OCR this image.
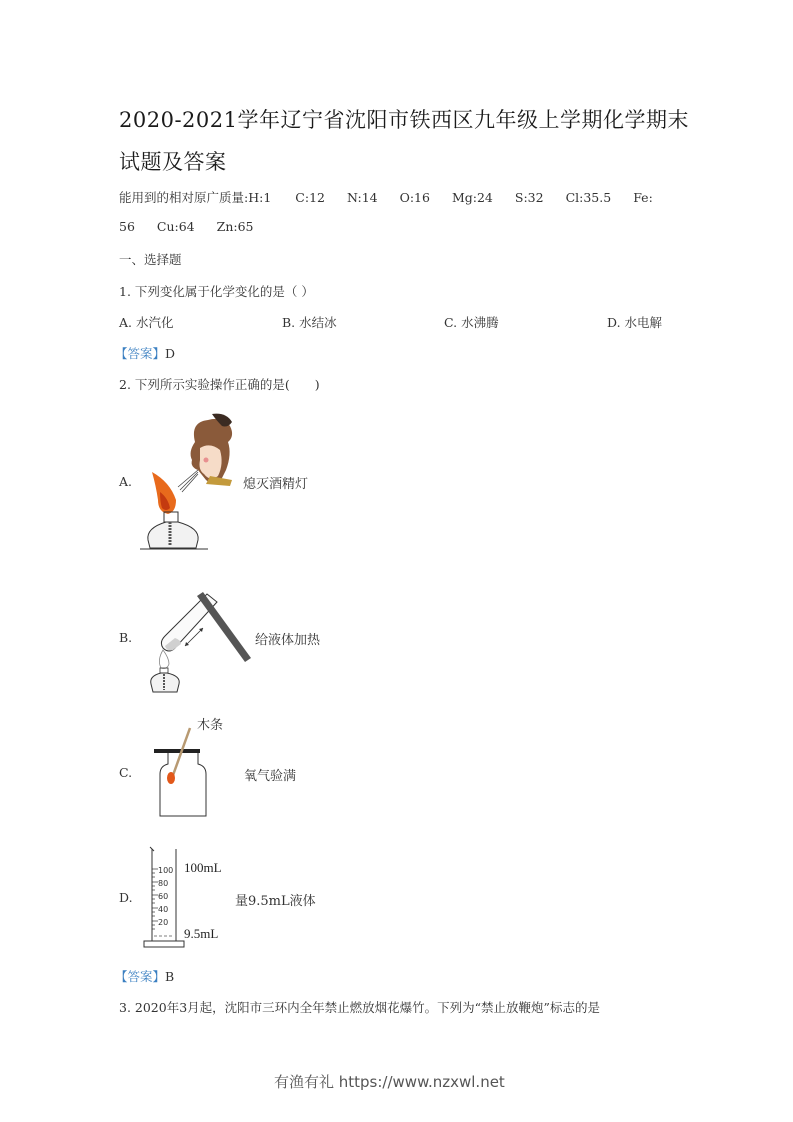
2020-2021学年辽宁省沈阳市铁西区九年级上学期化学期末
试题及答案
能用到的相对原广质量:H:1 C:12 N:14 O:16 Mg:24 S:32 Cl:35.5 Fe:
56 Cu:64 Zn:65
一、选择题
1. 下列变化属于化学变化的是（ ）
A. 水汽化	B. 水结冰	C. 水沸腾	D. 水电解
【答案】D
2. 下列所示实验操作正确的是(　　)
A.	熄灭酒精灯
B.	给液体加热
C.
木条
氧气验满
D.
100
80
60
40
20
100mL
9.5mL
量9.5mL液体
【答案】B
3. 2020年3月起，沈阳市三环内全年禁止燃放烟花爆竹。下列为“禁止放鞭炮”标志的是
有渔有礼 https://www.nzxwl.net
